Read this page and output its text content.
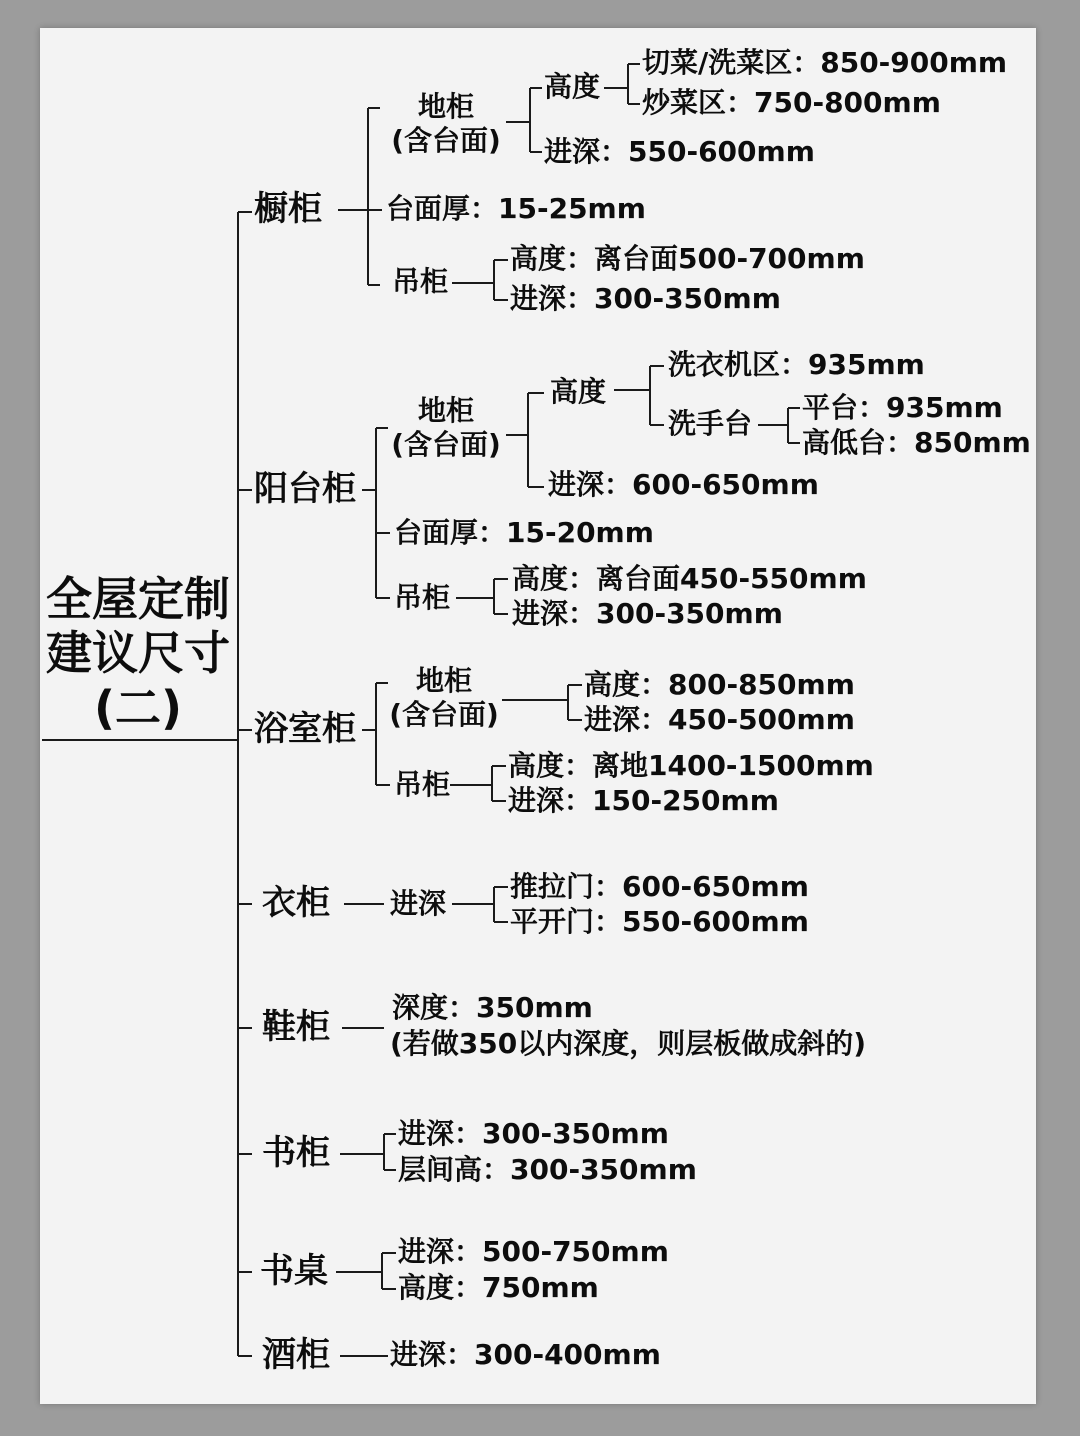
全屋定制
建议尺寸
(二)
橱柜
地柜
(含台面)
高度
切菜/洗菜区：850-900mm
炒菜区：750-800mm
进深：550-600mm
台面厚：15-25mm
吊柜
高度：离台面500-700mm
进深：300-350mm
阳台柜
地柜
(含台面)
高度
洗衣机区：935mm
洗手台 平台：935mm
高低台：850mm
进深：600-650mm
台面厚：15-20mm
吊柜
高度：离台面450-550mm
进深：300-350mm
浴室柜
地柜
(含台面)
高度：800-850mm
进深：450-500mm
吊柜
高度：离地1400-1500mm
进深：150-250mm
衣柜 进深
推拉门：600-650mm
平开门：550-600mm
鞋柜 深度：350mm
(若做350以内深度，则层板做成斜的)
书柜 进深：300-350mm
层间高：300-350mm
书桌	进深：500-750mm
高度：750mm
酒柜 进深：300-400mm
